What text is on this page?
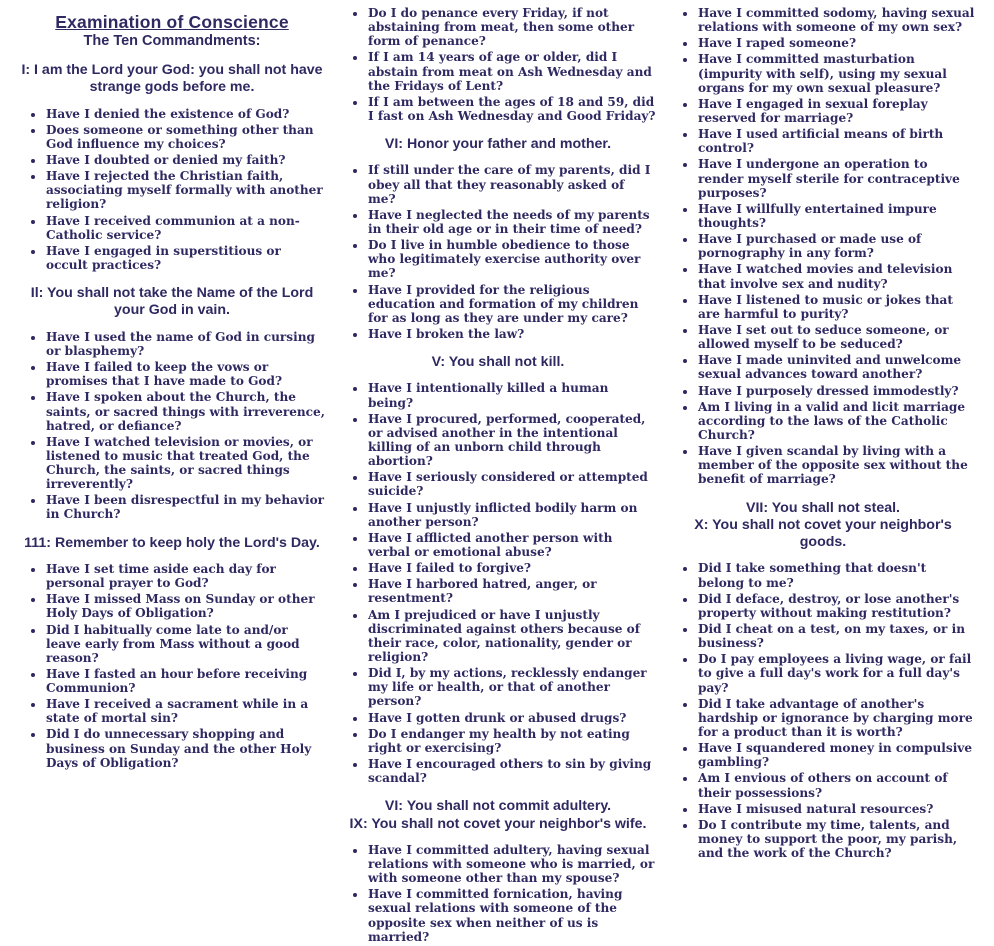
Examination of Conscience
The Ten Commandments:
I: I am the Lord your God: you shall not have strange gods before me.
• Have I denied the existence of God?
• Does someone or something other than God influence my choices?
• Have I doubted or denied my faith?
• Have I rejected the Christian faith, associating myself formally with another religion?
• Have I received communion at a non-Catholic service?
• Have I engaged in superstitious or occult practices?
Il: You shall not take the Name of the Lord your God in vain.
• Have I used the name of God in cursing or blasphemy?
• Have I failed to keep the vows or promises that I have made to God?
• Have I spoken about the Church, the saints, or sacred things with irreverence, hatred, or defiance?
• Have I watched television or movies, or listened to music that treated God, the Church, the saints, or sacred things irreverently?
• Have I been disrespectful in my behavior in Church?
111: Remember to keep holy the Lord's Day.
• Have I set time aside each day for personal prayer to God?
• Have I missed Mass on Sunday or other Holy Days of Obligation?
• Did I habitually come late to and/or leave early from Mass without a good reason?
• Have I fasted an hour before receiving Communion?
• Have I received a sacrament while in a state of mortal sin?
• Did I do unnecessary shopping and business on Sunday and the other Holy Days of Obligation?
• Do I do penance every Friday, if not abstaining from meat, then some other form of penance?
• If I am 14 years of age or older, did I abstain from meat on Ash Wednesday and the Fridays of Lent?
• If I am between the ages of 18 and 59, did I fast on Ash Wednesday and Good Friday?
VI: Honor your father and mother.
• If still under the care of my parents, did I obey all that they reasonably asked of me?
• Have I neglected the needs of my parents in their old age or in their time of need?
• Do I live in humble obedience to those who legitimately exercise authority over me?
• Have I provided for the religious education and formation of my children for as long as they are under my care?
• Have I broken the law?
V: You shall not kill.
• Have I intentionally killed a human being?
• Have I procured, performed, cooperated, or advised another in the intentional killing of an unborn child through abortion?
• Have I seriously considered or attempted suicide?
• Have I unjustly inflicted bodily harm on another person?
• Have I afflicted another person with verbal or emotional abuse?
• Have I failed to forgive?
• Have I harbored hatred, anger, or resentment?
• Am I prejudiced or have I unjustly discriminated against others because of their race, color, nationality, gender or religion?
• Did I, by my actions, recklessly endanger my life or health, or that of another person?
• Have I gotten drunk or abused drugs?
• Do I endanger my health by not eating right or exercising?
• Have I encouraged others to sin by giving scandal?
VI: You shall not commit adultery.
IX: You shall not covet your neighbor's wife.
• Have I committed adultery, having sexual relations with someone who is married, or with someone other than my spouse?
• Have I committed fornication, having sexual relations with someone of the opposite sex when neither of us is married?
• Have I committed sodomy, having sexual relations with someone of my own sex?
• Have I raped someone?
• Have I committed masturbation (impurity with self), using my sexual organs for my own sexual pleasure?
• Have I engaged in sexual foreplay reserved for marriage?
• Have I used artificial means of birth control?
• Have I undergone an operation to render myself sterile for contraceptive purposes?
• Have I willfully entertained impure thoughts?
• Have I purchased or made use of pornography in any form?
• Have I watched movies and television that involve sex and nudity?
• Have I listened to music or jokes that are harmful to purity?
• Have I set out to seduce someone, or allowed myself to be seduced?
• Have I made uninvited and unwelcome sexual advances toward another?
• Have I purposely dressed immodestly?
• Am I living in a valid and licit marriage according to the laws of the Catholic Church?
• Have I given scandal by living with a member of the opposite sex without the benefit of marriage?
VII: You shall not steal.
X: You shall not covet your neighbor's goods.
• Did I take something that doesn't belong to me?
• Did I deface, destroy, or lose another's property without making restitution?
• Did I cheat on a test, on my taxes, or in business?
• Do I pay employees a living wage, or fail to give a full day's work for a full day's pay?
• Did I take advantage of another's hardship or ignorance by charging more for a product than it is worth?
• Have I squandered money in compulsive gambling?
• Am I envious of others on account of their possessions?
• Have I misused natural resources?
• Do I contribute my time, talents, and money to support the poor, my parish, and the work of the Church?
